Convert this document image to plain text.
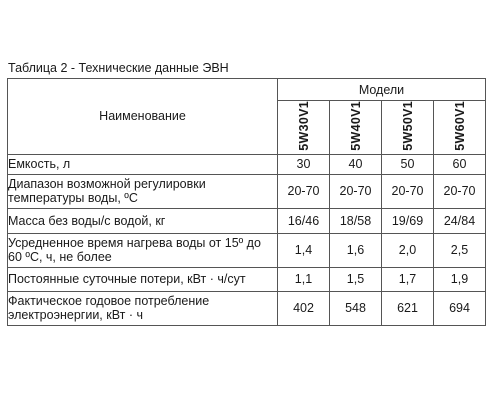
Таблица 2 - Технические данные ЭВН
Наименование	Модели			
	5W30V1	5W40V1	5W50V1	5W60V1
Емкость, л	30	40	50	60
Диапазон возможной регулировки температуры воды, ºС	20-70	20-70	20-70	20-70
Масса без воды/с водой, кг	16/46	18/58	19/69	24/84
Усредненное время нагрева воды от 15º до 60 ºС, ч, не более	1,4	1,6	2,0	2,5
Постоянные суточные потери, кВт · ч/сут	1,1	1,5	1,7	1,9
Фактическое годовое потребление электроэнергии, кВт · ч	402	548	621	694
